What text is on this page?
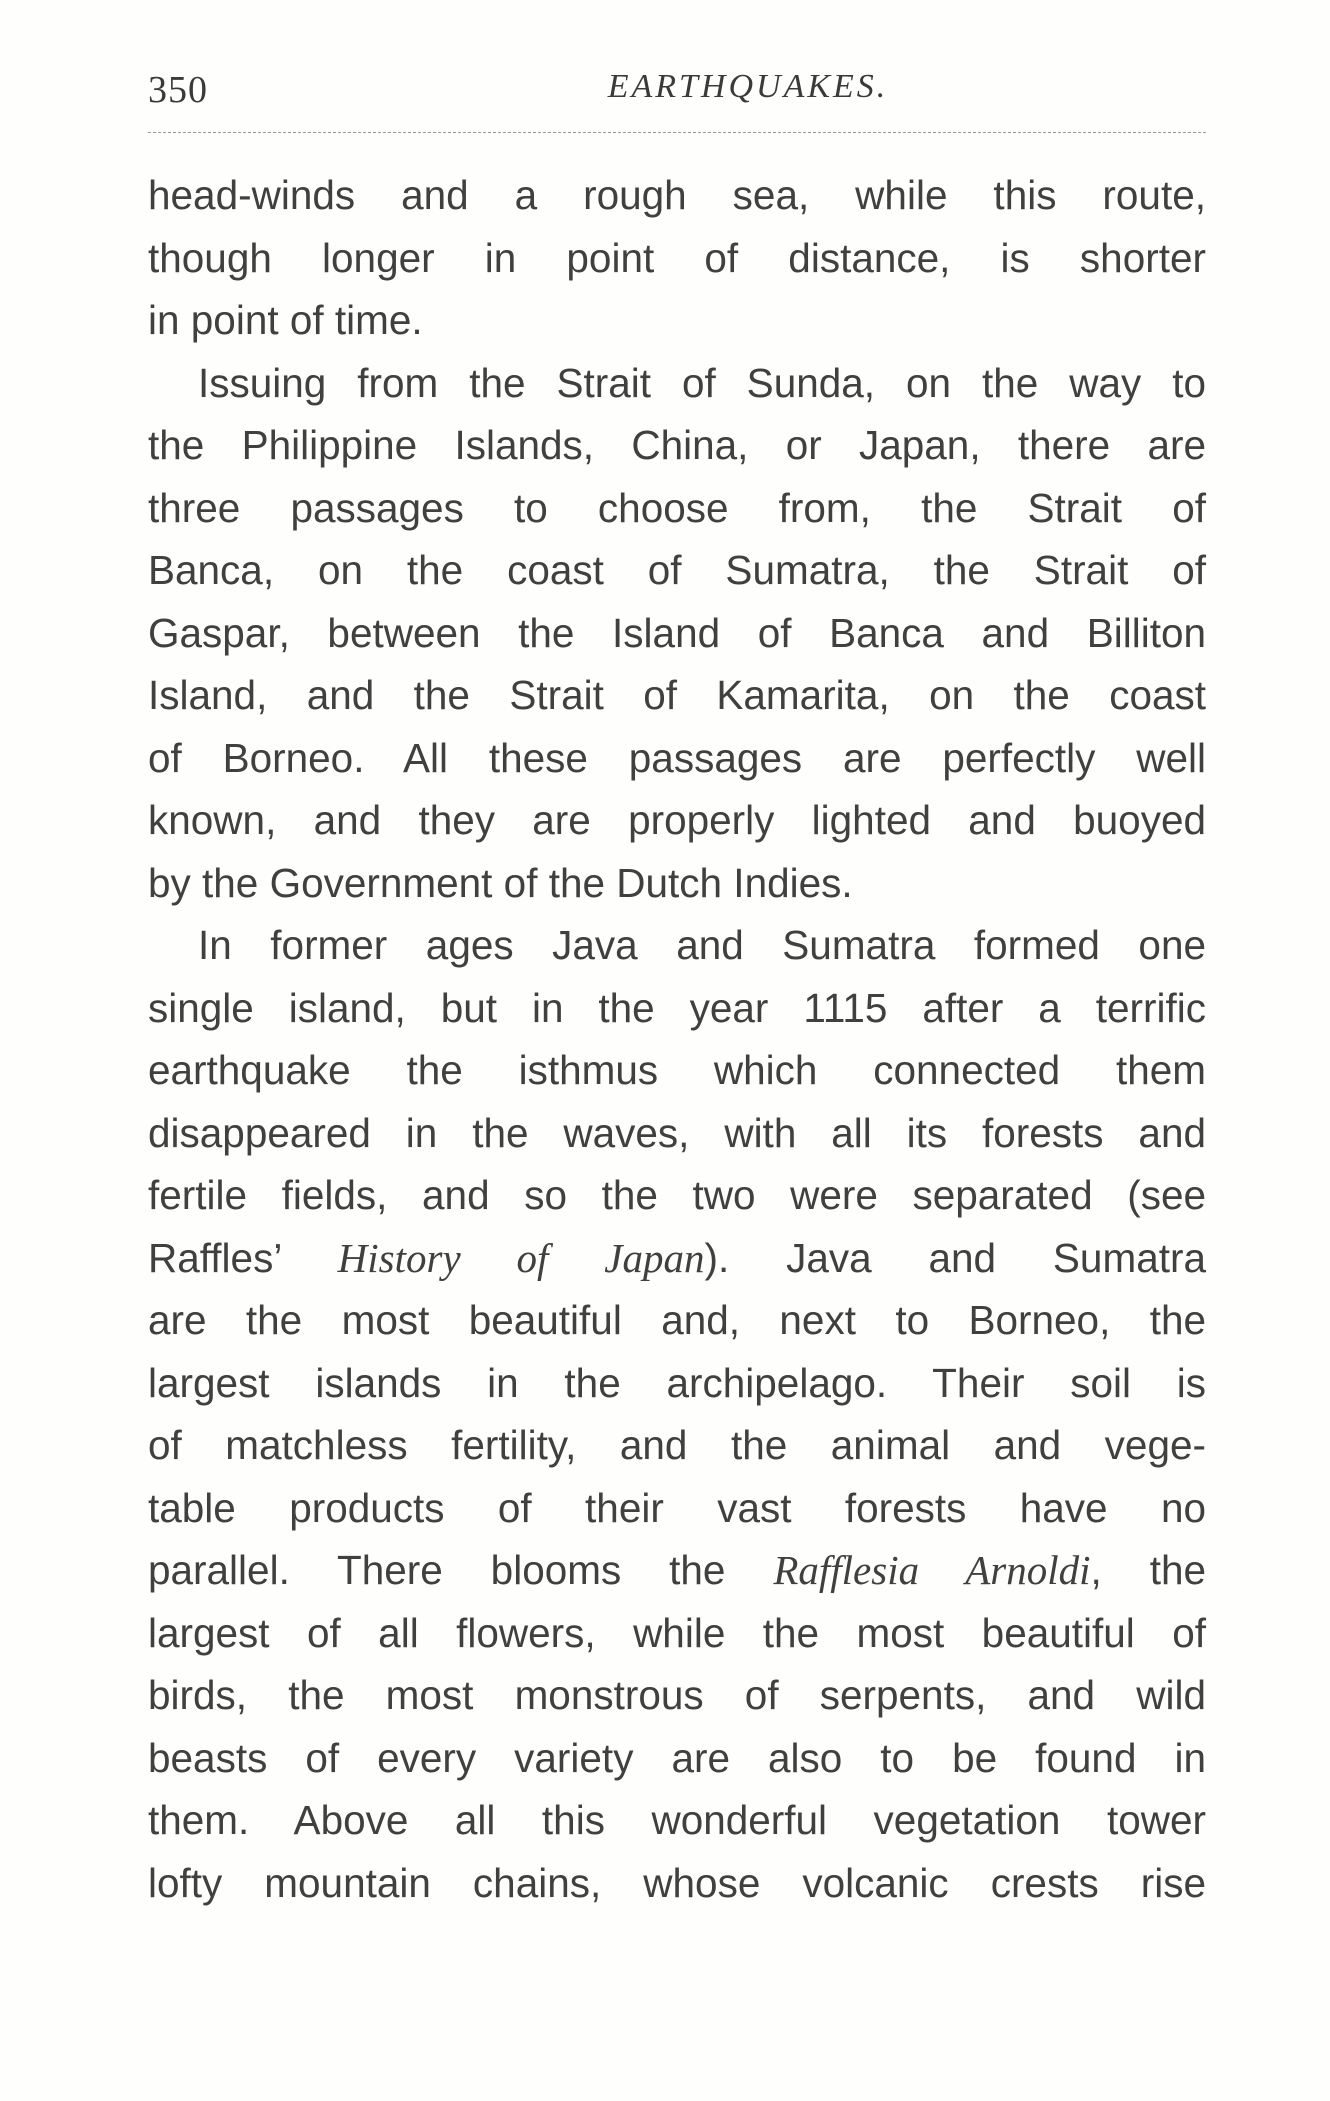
350	EARTHQUAKES.
head-winds and a rough sea, while this route,
though longer in point of distance, is shorter
in point of time.
Issuing from the Strait of Sunda, on the way to
the Philippine Islands, China, or Japan, there are
three passages to choose from, the Strait of
Banca, on the coast of Sumatra, the Strait of
Gaspar, between the Island of Banca and Billiton
Island, and the Strait of Kamarita, on the coast
of Borneo. All these passages are perfectly well
known, and they are properly lighted and buoyed
by the Government of the Dutch Indies.
In former ages Java and Sumatra formed one
single island, but in the year 1115 after a terrific
earthquake the isthmus which connected them
disappeared in the waves, with all its forests and
fertile fields, and so the two were separated (see
Raffles’ History of Japan). Java and Sumatra
are the most beautiful and, next to Borneo, the
largest islands in the archipelago. Their soil is
of matchless fertility, and the animal and vege-
table products of their vast forests have no
parallel. There blooms the Rafflesia Arnoldi, the
largest of all flowers, while the most beautiful of
birds, the most monstrous of serpents, and wild
beasts of every variety are also to be found in
them. Above all this wonderful vegetation tower
lofty mountain chains, whose volcanic crests rise
